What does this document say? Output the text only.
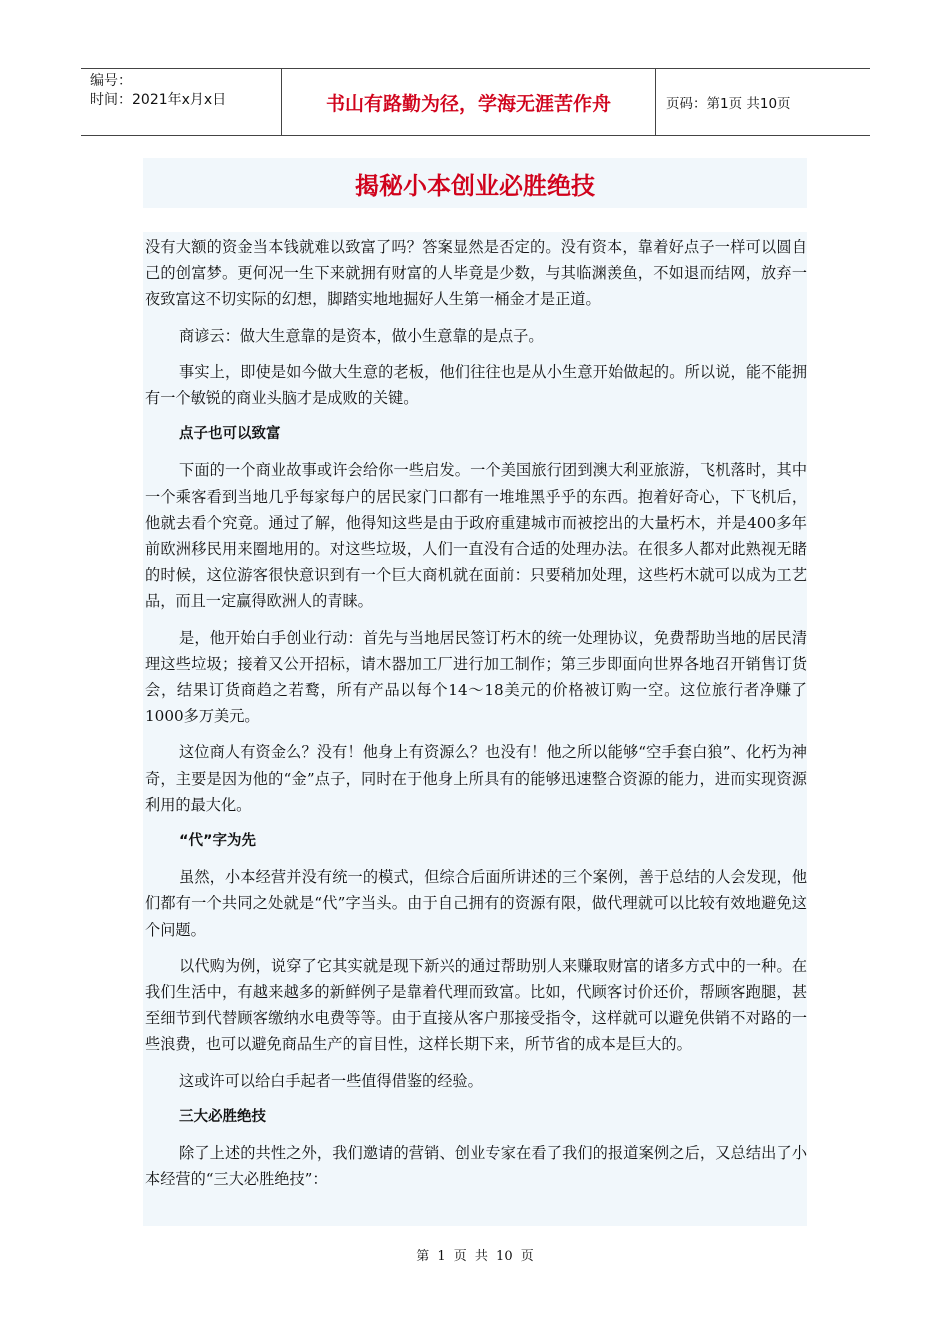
编号：
时间：2021年x月x日	书山有路勤为径，学海无涯苦作舟	页码：第1页 共10页
揭秘小本创业必胜绝技

没有大额的资金当本钱就难以致富了吗？答案显然是否定的。没有资本，靠着好点子一样可以圆自己的创富梦。更何况一生下来就拥有财富的人毕竟是少数，与其临渊羡鱼，不如退而结网，放弃一夜致富这不切实际的幻想，脚踏实地地掘好人生第一桶金才是正道。

商谚云：做大生意靠的是资本，做小生意靠的是点子。

事实上，即使是如今做大生意的老板，他们往往也是从小生意开始做起的。所以说，能不能拥有一个敏锐的商业头脑才是成败的关键。

点子也可以致富

下面的一个商业故事或许会给你一些启发。一个美国旅行团到澳大利亚旅游，飞机落时，其中一个乘客看到当地几乎每家每户的居民家门口都有一堆堆黑乎乎的东西。抱着好奇心，下飞机后，他就去看个究竟。通过了解，他得知这些是由于政府重建城市而被挖出的大量朽木，并是400多年前欧洲移民用来圈地用的。对这些垃圾，人们一直没有合适的处理办法。在很多人都对此熟视无睹的时候，这位游客很快意识到有一个巨大商机就在面前：只要稍加处理，这些朽木就可以成为工艺品，而且一定赢得欧洲人的青睐。

是，他开始白手创业行动：首先与当地居民签订朽木的统一处理协议，免费帮助当地的居民清理这些垃圾；接着又公开招标，请木器加工厂进行加工制作；第三步即面向世界各地召开销售订货会，结果订货商趋之若鹜，所有产品以每个14～18美元的价格被订购一空。这位旅行者净赚了1000多万美元。

这位商人有资金么？没有！他身上有资源么？也没有！他之所以能够“空手套白狼”、化朽为神奇，主要是因为他的“金”点子，同时在于他身上所具有的能够迅速整合资源的能力，进而实现资源利用的最大化。

“代”字为先

虽然，小本经营并没有统一的模式，但综合后面所讲述的三个案例，善于总结的人会发现，他们都有一个共同之处就是“代”字当头。由于自己拥有的资源有限，做代理就可以比较有效地避免这个问题。

以代购为例，说穿了它其实就是现下新兴的通过帮助别人来赚取财富的诸多方式中的一种。在我们生活中，有越来越多的新鲜例子是靠着代理而致富。比如，代顾客讨价还价，帮顾客跑腿，甚至细节到代替顾客缴纳水电费等等。由于直接从客户那接受指令，这样就可以避免供销不对路的一些浪费，也可以避免商品生产的盲目性，这样长期下来，所节省的成本是巨大的。

这或许可以给白手起者一些值得借鉴的经验。

三大必胜绝技

除了上述的共性之外，我们邀请的营销、创业专家在看了我们的报道案例之后，又总结出了小本经营的“三大必胜绝技”：

第 1 页 共 10 页
